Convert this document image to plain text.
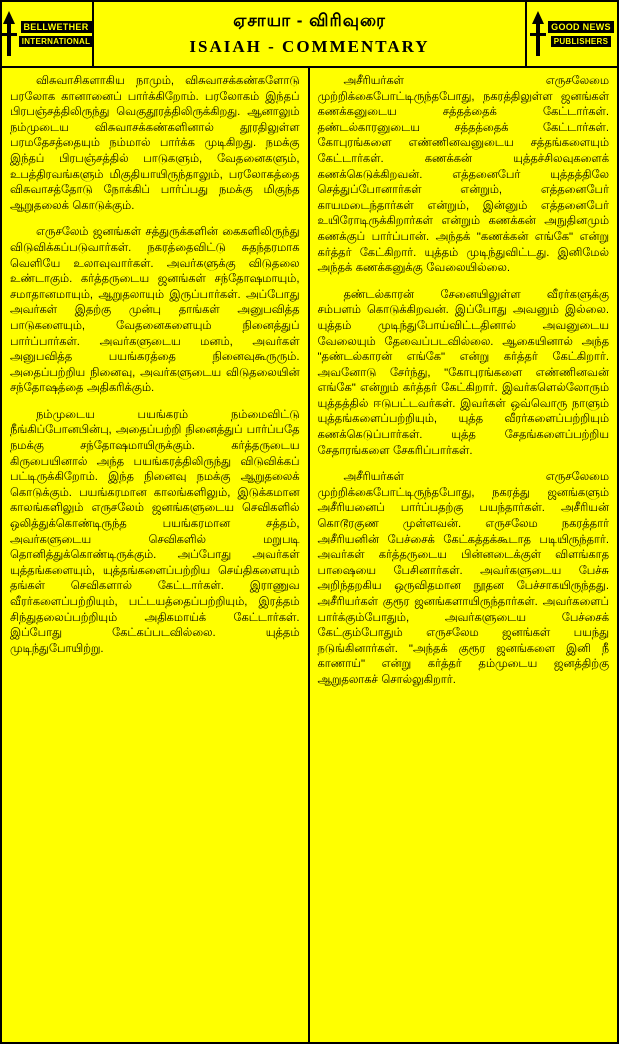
BELLWETHER
INTERNATIONAL
ஏசாயா - விரிவுரை
ISAIAH - COMMENTARY
GOOD NEWS
PUBLISHERS

விசுவாசிகளாகிய நாமும், விசுவாசக்கண்களோடு பரலோக கானானைப் பார்க்கிறோம். பரலோகம் இந்தப் பிரபஞ்சத்திலிருந்து வெகுதூரத்திலிருக்கிறது. ஆனாலும் நம்முடைய விசுவாசக்கண்களினால் தூரதிலுள்ள பரமதேசத்தையும் நம்மால் பார்க்க முடிகிறது. நமக்கு இந்தப் பிரபஞ்சத்தில் பாடுகளும், வேதனைகளும், உபத்திரவங்களும் மிகுதியாயிருந்தாலும், பரலோகத்தை விசுவாசத்தோடு நோக்கிப் பார்ப்பது நமக்கு மிகுந்த ஆறுதலைக் கொடுக்கும்.

எருசலேம் ஜனங்கள் சத்துருக்களின் கைகளிலிருந்து விடுவிக்கப்படுவார்கள். நகரத்தைவிட்டு சுதந்தரமாக வெளியே உலாவுவார்கள். அவர்களுக்கு விடுதலை உண்டாகும். கர்த்தருடைய ஜனங்கள் சந்தோஷமாயும், சமாதானமாயும், ஆறுதலாயும் இருப்பார்கள். அப்போது அவர்கள் இதற்கு முன்பு தாங்கள் அனுபவித்த பாடுகளையும், வேதனைகளையும் நினைத்துப் பார்ப்பார்கள். அவர்களுடைய மனம், அவர்கள் அனுபவித்த பயங்கரத்தை நினைவுகூருரும். அதைப்பற்றிய நினைவு, அவர்களுடைய விடுதலையின் சந்தோஷத்தை அதிகரிக்கும்.

நம்முடைய பயங்கரம் நம்மைவிட்டு நீங்கிப்போனபின்பு, அதைப்பற்றி நினைத்துப் பார்ப்பதே நமக்கு சந்தோஷமாயிருக்கும். கர்த்தருடைய கிருபையினால் அந்த பயங்கரத்திலிருந்து விடுவிக்கப் பட்டிருக்கிறோம். இந்த நினைவு நமக்கு ஆறுதலைக் கொடுக்கும். பயங்கரமான காலங்களிலும், இடுக்கமான காலங்களிலும் எருசலேம் ஜனங்களுடைய செவிகளில் ஒலித்துக்கொண்டிருந்த பயங்கரமான சத்தம், அவர்களுடைய செவிகளில் மறுபடி தொனித்துக்கொண்டிருக்கும். அப்போது அவர்கள் யுத்தங்களையும், யுத்தங்களைப்பற்றிய செய்திகளையும் தங்கள் செவிகளால் கேட்டார்கள். இராணுவ வீரர்களைப்பற்றியும், பட்டயத்தைப்பற்றியும், இரத்தம் சிந்துதலைப்பற்றியும் அதிகமாய்க் கேட்டார்கள். இப்போது கேட்கப்படவில்லை. யுத்தம் முடிந்துபோயிற்று.

அசீரியர்கள் எருசலேமை முற்றிக்கைபோட்டிருந்தபோது, நகரத்திலுள்ள ஜனங்கள் கணக்கனுடைய சத்தத்தைக் கேட்டார்கள். தண்டல்காரனுடைய சத்தத்தைக் கேட்டார்கள். கோபுரங்களை எண்ணினவனுடைய சத்தங்களையும் கேட்டார்கள். கணக்கன் யுத்தச்சிலவுகளைக் கணக்கெடுக்கிறவன். எத்தனைபேர் யுத்தத்திலே செத்துப்போனார்கள் என்றும், எத்தனைபேர் காயமடைந்தார்கள் என்றும், இன்னும் எத்தனைபேர் உயிரோடிருக்கிறார்கள் என்றும் கணக்கன் அநுதினமும் கணக்குப் பார்ப்பான். அந்தக் "கணக்கன் எங்கே" என்று கர்த்தர் கேட்கிறார். யுத்தம் முடிந்துவிட்டது. இனிமேல் அந்தக் கணக்கனுக்கு வேலையில்லை.

தண்டல்காரன் சேனையிலுள்ள வீரர்களுக்கு சம்பளம் கொடுக்கிறவன். இப்போது அவனும் இல்லை. யுத்தம் முடிந்துபோய்விட்டதினால் அவனுடைய வேலையும் தேவைப்படவில்லை. ஆகையினால் அந்த "தண்டல்காரன் எங்கே" என்று கர்த்தர் கேட்கிறார். அவனோடு சேர்ந்து, "கோபுரங்களை எண்ணினவன் எங்கே" என்றும் கர்த்தர் கேட்கிறார். இவர்களெல்லோரும் யுத்தத்தில் ஈடுபட்டவர்கள். இவர்கள் ஒவ்வொரு நாளும் யுத்தங்களைப்பற்றியும், யுத்த வீரர்களைப்பற்றியும் கணக்கெடுப்பார்கள். யுத்த சேதங்களைப்பற்றிய சேதாரங்களை சேகரிப்பார்கள்.

அசீரியர்கள் எருசலேமை முற்றிக்கைபோட்டிருந்தபோது, நகரத்து ஜனங்களும் அசீரியனைப் பார்ப்பதற்கு பயந்தார்கள். அசீரியன் கொடூரகுண முள்ளவன். எருசலேம நகரத்தார் அசீரியனின் பேச்சைக் கேட்கத்தக்கூடாத படியிருந்தார். அவர்கள் கர்த்தருடைய பின்னடைக்குள் விளங்காத பாஷையை பேசினார்கள். அவர்களுடைய பேச்சு அறிந்தறகிய ஒருவிதமான நூதன பேச்சாகயிருந்தது. அசீரியர்கள் குரூர ஜனங்களாயிருந்தார்கள். அவர்களைப் பார்க்கும்போதும், அவர்களுடைய பேச்சைக் கேட்கும்போதும் எருசலேம ஜனங்கள் பயந்து நடுங்கினார்கள். "அந்தக் குரூர ஜனங்களை இனி நீ காணாய்" என்று கர்த்தர் தம்முடைய ஜனத்திற்கு ஆறுதலாகச் சொல்லுகிறார்.
